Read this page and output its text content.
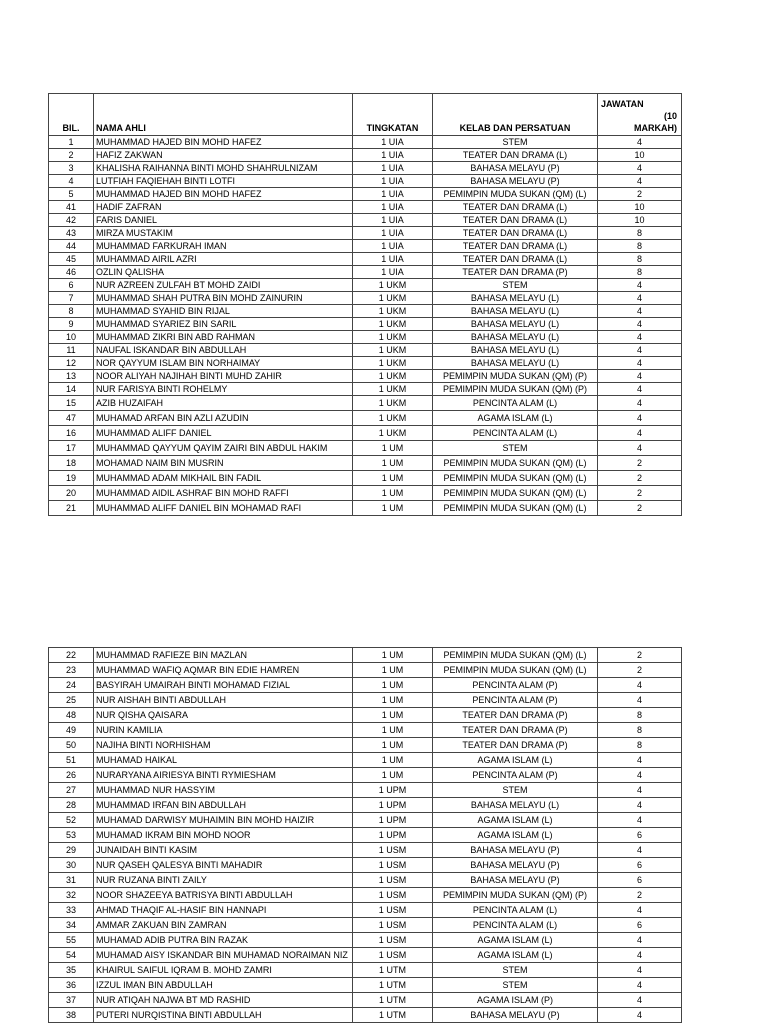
BIL.	NAMA AHLI	TINGKATAN	KELAB DAN PERSATUAN	JAWATAN
(10
MARKAH)

1	MUHAMMAD HAJED BIN MOHD HAFEZ	1 UIA	STEM	4
2	HAFIZ ZAKWAN	1 UIA	TEATER DAN DRAMA (L)	10
3	KHALISHA RAIHANNA BINTI MOHD SHAHRULNIZAM	1 UIA	BAHASA MELAYU (P)	4
4	LUTFIAH FAQIEHAH BINTI LOTFI	1 UIA	BAHASA MELAYU (P)	4
5	MUHAMMAD HAJED BIN MOHD HAFEZ	1 UIA	PEMIMPIN MUDA SUKAN (QM) (L)	2
41	HADIF ZAFRAN	1 UIA	TEATER DAN DRAMA (L)	10
42	FARIS DANIEL	1 UIA	TEATER DAN DRAMA (L)	10
43	MIRZA MUSTAKIM	1 UIA	TEATER DAN DRAMA (L)	8
44	MUHAMMAD FARKURAH IMAN	1 UIA	TEATER DAN DRAMA (L)	8
45	MUHAMMAD AIRIL AZRI	1 UIA	TEATER DAN DRAMA (L)	8
46	OZLIN QALISHA	1 UIA	TEATER DAN DRAMA (P)	8
6	NUR AZREEN ZULFAH BT MOHD ZAIDI	1 UKM	STEM	4
7	MUHAMMAD SHAH PUTRA BIN MOHD ZAINURIN	1 UKM	BAHASA MELAYU (L)	4
8	MUHAMMAD SYAHID BIN RIJAL	1 UKM	BAHASA MELAYU (L)	4
9	MUHAMMAD SYARIEZ BIN SARIL	1 UKM	BAHASA MELAYU (L)	4
10	MUHAMMAD ZIKRI BIN ABD RAHMAN	1 UKM	BAHASA MELAYU (L)	4
11	NAUFAL ISKANDAR BIN ABDULLAH	1 UKM	BAHASA MELAYU (L)	4
12	NOR QAYYUM ISLAM BIN NORHAIMAY	1 UKM	BAHASA MELAYU (L)	4
13	NOOR ALIYAH NAJIHAH BINTI MUHD ZAHIR	1 UKM	PEMIMPIN MUDA SUKAN (QM) (P)	4
14	NUR FARISYA BINTI ROHELMY	1 UKM	PEMIMPIN MUDA SUKAN (QM) (P)	4
15	AZIB HUZAIFAH	1 UKM	PENCINTA ALAM (L)	4
47	MUHAMAD ARFAN BIN AZLI AZUDIN	1 UKM	AGAMA ISLAM (L)	4
16	MUHAMMAD ALIFF DANIEL	1 UKM	PENCINTA ALAM (L)	4
17	MUHAMMAD QAYYUM QAYIM ZAIRI BIN ABDUL HAKIM	1 UM	STEM	4
18	MOHAMAD NAIM BIN MUSRIN	1 UM	PEMIMPIN MUDA SUKAN (QM) (L)	2
19	MUHAMMAD ADAM MIKHAIL BIN FADIL	1 UM	PEMIMPIN MUDA SUKAN (QM) (L)	2
20	MUHAMMAD AIDIL ASHRAF BIN MOHD RAFFI	1 UM	PEMIMPIN MUDA SUKAN (QM) (L)	2
21	MUHAMMAD ALIFF DANIEL BIN MOHAMAD RAFI	1 UM	PEMIMPIN MUDA SUKAN (QM) (L)	2
22	MUHAMMAD RAFIEZE BIN MAZLAN	1 UM	PEMIMPIN MUDA SUKAN (QM) (L)	2
23	MUHAMMAD WAFIQ AQMAR BIN EDIE HAMREN	1 UM	PEMIMPIN MUDA SUKAN (QM) (L)	2
24	BASYIRAH UMAIRAH BINTI MOHAMAD FIZIAL	1 UM	PENCINTA ALAM (P)	4
25	NUR AISHAH BINTI ABDULLAH	1 UM	PENCINTA ALAM (P)	4
48	NUR QISHA QAISARA	1 UM	TEATER DAN DRAMA (P)	8
49	NURIN KAMILIA	1 UM	TEATER DAN DRAMA (P)	8
50	NAJIHA BINTI NORHISHAM	1 UM	TEATER DAN DRAMA (P)	8
51	MUHAMAD HAIKAL	1 UM	AGAMA ISLAM (L)	4
26	NURARYANA AIRIESYA BINTI RYMIESHAM	1 UM	PENCINTA ALAM (P)	4
27	MUHAMMAD NUR HASSYIM	1 UPM	STEM	4
28	MUHAMMAD IRFAN BIN ABDULLAH	1 UPM	BAHASA MELAYU (L)	4
52	MUHAMAD DARWISY MUHAIMIN BIN MOHD HAIZIR	1 UPM	AGAMA ISLAM (L)	4
53	MUHAMAD IKRAM BIN MOHD NOOR	1 UPM	AGAMA ISLAM (L)	6
29	JUNAIDAH BINTI KASIM	1 USM	BAHASA MELAYU (P)	4
30	NUR QASEH QALESYA BINTI MAHADIR	1 USM	BAHASA MELAYU (P)	6
31	NUR RUZANA BINTI ZAILY	1 USM	BAHASA MELAYU (P)	6
32	NOOR SHAZEEYA BATRISYA BINTI ABDULLAH	1 USM	PEMIMPIN MUDA SUKAN (QM) (P)	2
33	AHMAD THAQIF AL-HASIF BIN HANNAPI	1 USM	PENCINTA ALAM (L)	4
34	AMMAR ZAKUAN BIN ZAMRAN	1 USM	PENCINTA ALAM (L)	6
55	MUHAMAD ADIB PUTRA BIN RAZAK	1 USM	AGAMA ISLAM (L)	4
54	MUHAMAD AISY ISKANDAR BIN MUHAMAD NORAIMAN NIZ	1 USM	AGAMA ISLAM (L)	4
35	KHAIRUL SAIFUL IQRAM B. MOHD ZAMRI	1 UTM	STEM	4
36	IZZUL IMAN BIN ABDULLAH	1 UTM	STEM	4
37	NUR ATIQAH NAJWA BT MD RASHID	1 UTM	AGAMA ISLAM (P)	4
38	PUTERI NURQISTINA BINTI ABDULLAH	1 UTM	BAHASA MELAYU (P)	4
